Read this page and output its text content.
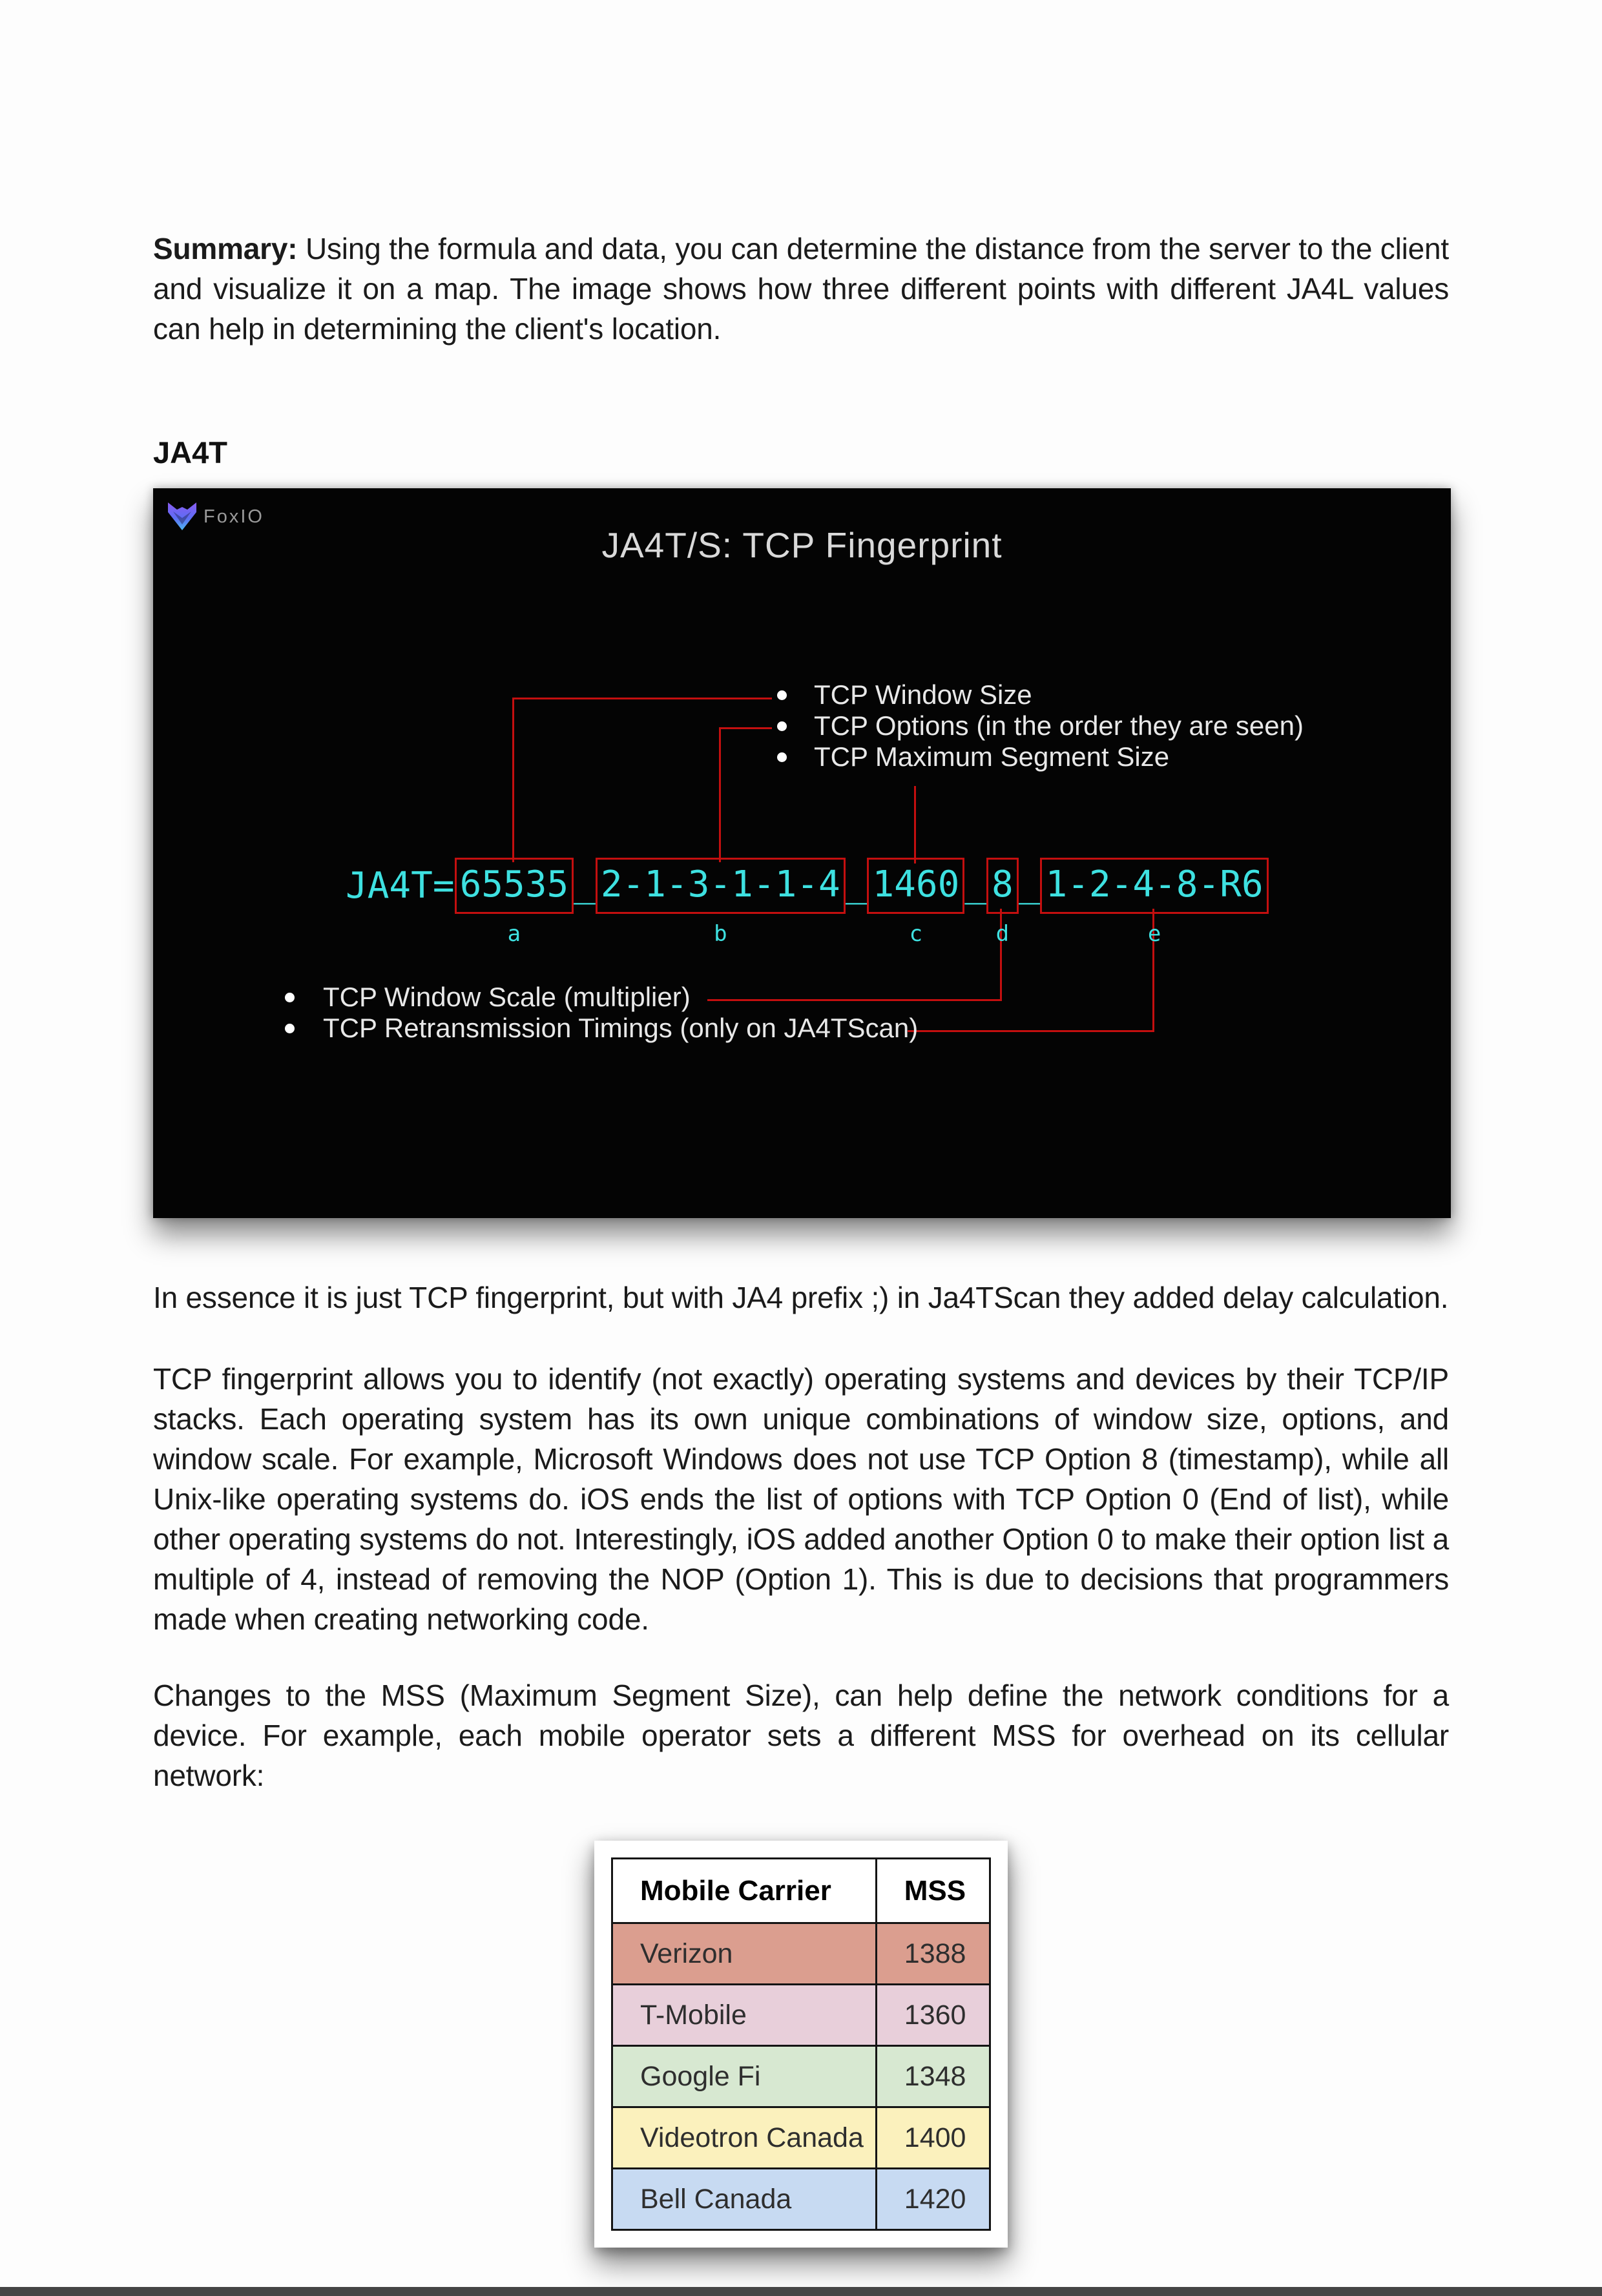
Summary: Using the formula and data, you can determine the distance from the server to the client and visualize it on a map. The image shows how three different points with different JA4L values can help in determining the client's location.

JA4T
FoxIO
JA4T/S: TCP Fingerprint
TCP Window Size
TCP Options (in the order they are seen)
TCP Maximum Segment Size
JA4T= 65535
a
_ 2-1-3-1-1-4
b
_ 1460
c
_ 8
d
_ 1-2-4-8-R6
e
TCP Window Scale (multiplier)
TCP Retransmission Timings (only on JA4TScan)

In essence it is just TCP fingerprint, but with JA4 prefix ;) in Ja4TScan they added delay calculation.

TCP fingerprint allows you to identify (not exactly) operating systems and devices by their TCP/IP stacks. Each operating system has its own unique combinations of window size, options, and window scale. For example, Microsoft Windows does not use TCP Option 8 (timestamp), while all Unix-like operating systems do. iOS ends the list of options with TCP Option 0 (End of list), while other operating systems do not. Interestingly, iOS added another Option 0 to make their option list a multiple of 4, instead of removing the NOP (Option 1). This is due to decisions that programmers made when creating networking code.

Changes to the MSS (Maximum Segment Size), can help define the network conditions for a device. For example, each mobile operator sets a different MSS for overhead on its cellular network:

Mobile Carrier	MSS
Verizon	1388
T-Mobile	1360
Google Fi	1348
Videotron Canada	1400
Bell Canada	1420
